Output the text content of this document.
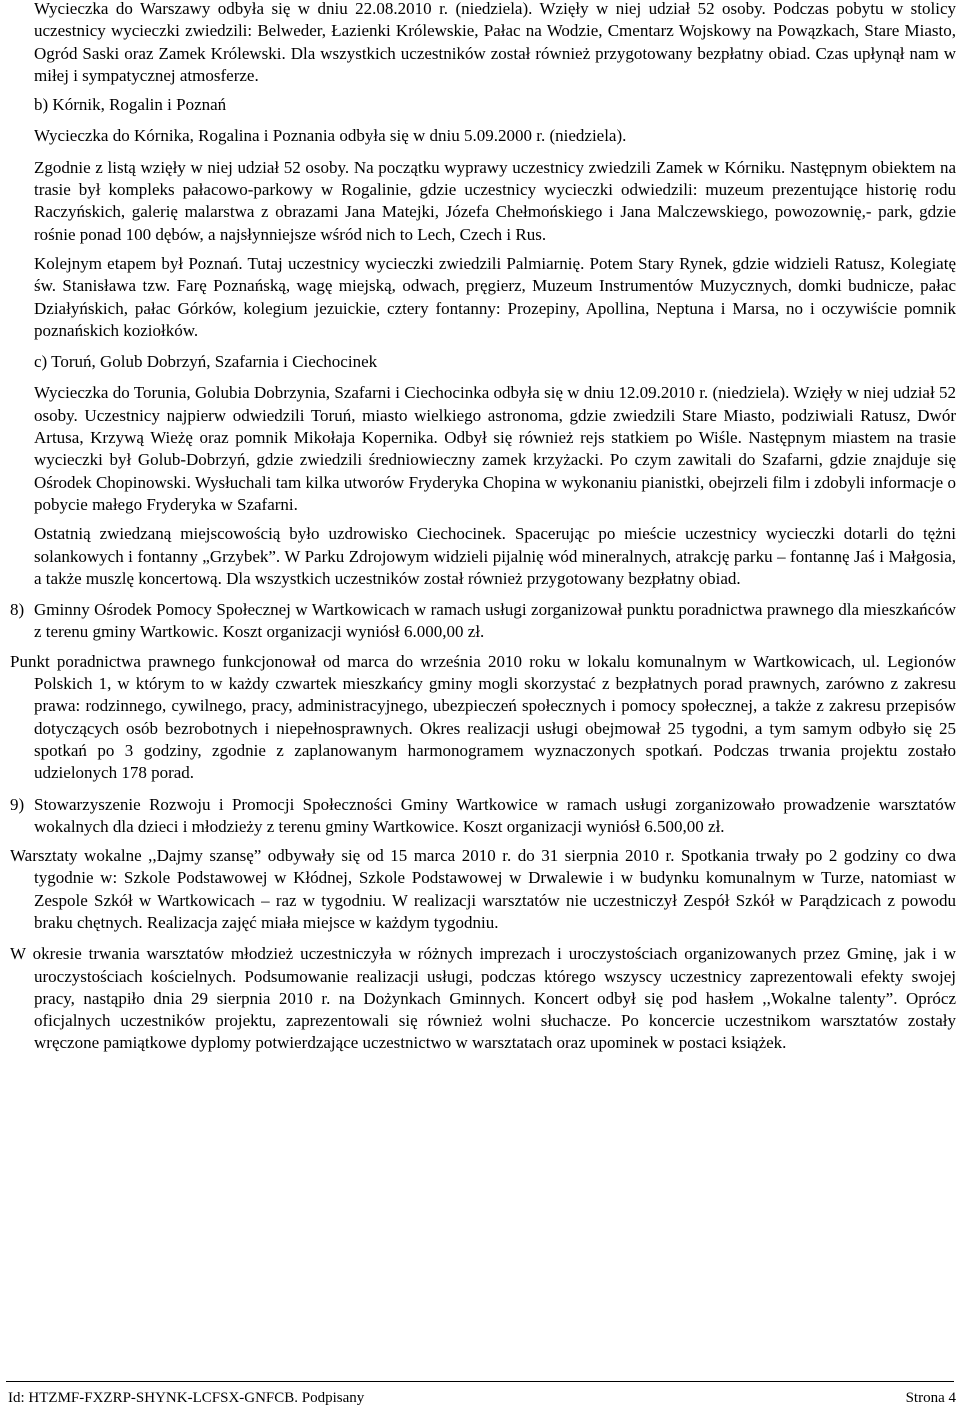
Wycieczka do Warszawy odbyła się w dniu 22.08.2010 r. (niedziela). Wzięły w niej udział 52 osoby. Podczas pobytu w stolicy uczestnicy wycieczki zwiedzili: Belweder, Łazienki Królewskie, Pałac na Wodzie, Cmentarz Wojskowy na Powązkach, Stare Miasto, Ogród Saski oraz Zamek Królewski. Dla wszystkich uczestników został również przygotowany bezpłatny obiad. Czas upłynął nam w miłej i sympatycznej atmosferze.

b) Kórnik, Rogalin i Poznań

Wycieczka do Kórnika, Rogalina i Poznania odbyła się w dniu 5.09.2000 r. (niedziela).

Zgodnie z listą wzięły w niej udział 52 osoby. Na początku wyprawy uczestnicy zwiedzili Zamek w Kórniku. Następnym obiektem na trasie był kompleks pałacowo-parkowy w Rogalinie, gdzie uczestnicy wycieczki odwiedzili: muzeum prezentujące historię rodu Raczyńskich, galerię malarstwa z obrazami Jana Matejki, Józefa Chełmońskiego i Jana Malczewskiego, powozownię,- park, gdzie rośnie ponad 100 dębów, a najsłynniejsze wśród nich to Lech, Czech i Rus.

Kolejnym etapem był Poznań. Tutaj uczestnicy wycieczki zwiedzili Palmiarnię. Potem Stary Rynek, gdzie widzieli Ratusz, Kolegiatę św. Stanisława tzw. Farę Poznańską, wagę miejską, odwach, pręgierz, Muzeum Instrumentów Muzycznych, domki budnicze, pałac Działyńskich, pałac Górków, kolegium jezuickie, cztery fontanny: Prozepiny, Apollina, Neptuna i Marsa, no i oczywiście pomnik poznańskich koziołków.

c) Toruń, Golub Dobrzyń, Szafarnia i Ciechocinek

Wycieczka do Torunia, Golubia Dobrzynia, Szafarni i Ciechocinka odbyła się w dniu 12.09.2010 r. (niedziela). Wzięły w niej udział 52 osoby. Uczestnicy najpierw odwiedzili Toruń, miasto wielkiego astronoma, gdzie zwiedzili Stare Miasto, podziwiali Ratusz, Dwór Artusa, Krzywą Wieżę oraz pomnik Mikołaja Kopernika. Odbył się również rejs statkiem po Wiśle. Następnym miastem na trasie wycieczki był Golub-Dobrzyń, gdzie zwiedzili średniowieczny zamek krzyżacki. Po czym zawitali do Szafarni, gdzie znajduje się Ośrodek Chopinowski. Wysłuchali tam kilka utworów Fryderyka Chopina w wykonaniu pianistki, obejrzeli film i zdobyli informacje o pobycie małego Fryderyka w Szafarni.

Ostatnią zwiedzaną miejscowością było uzdrowisko Ciechocinek. Spacerując po mieście uczestnicy wycieczki dotarli do tężni solankowych i fontanny „Grzybek”. W Parku Zdrojowym widzieli pijalnię wód mineralnych, atrakcję parku – fontannę Jaś i Małgosia, a także muszlę koncertową. Dla wszystkich uczestników został również przygotowany bezpłatny obiad.

8) Gminny Ośrodek Pomocy Społecznej w Wartkowicach w ramach usługi zorganizował punktu poradnictwa prawnego dla mieszkańców z terenu gminy Wartkowic. Koszt organizacji wyniósł 6.000,00 zł.

Punkt poradnictwa prawnego funkcjonował od marca do września 2010 roku w lokalu komunalnym w Wartkowicach, ul. Legionów Polskich 1, w którym to w każdy czwartek mieszkańcy gminy mogli skorzystać z bezpłatnych porad prawnych, zarówno z zakresu prawa: rodzinnego, cywilnego, pracy, administracyjnego, ubezpieczeń społecznych i pomocy społecznej, a także z zakresu przepisów dotyczących osób bezrobotnych i niepełnosprawnych. Okres realizacji usługi obejmował 25 tygodni, a tym samym odbyło się 25 spotkań po 3 godziny, zgodnie z zaplanowanym harmonogramem wyznaczonych spotkań. Podczas trwania projektu zostało udzielonych 178 porad.

9) Stowarzyszenie Rozwoju i Promocji Społeczności Gminy Wartkowice w ramach usługi zorganizowało prowadzenie warsztatów wokalnych dla dzieci i młodzieży z terenu gminy Wartkowice. Koszt organizacji wyniósł 6.500,00 zł.

Warsztaty wokalne ,,Dajmy szansę” odbywały się od 15 marca 2010 r. do 31 sierpnia 2010 r. Spotkania trwały po 2 godziny co dwa tygodnie w: Szkole Podstawowej w Kłódnej, Szkole Podstawowej w Drwalewie i w budynku komunalnym w Turze, natomiast w Zespole Szkół w Wartkowicach – raz w tygodniu. W realizacji warsztatów nie uczestniczył Zespół Szkół w Parądzicach z powodu braku chętnych. Realizacja zajęć miała miejsce w każdym tygodniu.

W okresie trwania warsztatów młodzież uczestniczyła w różnych imprezach i uroczystościach organizowanych przez Gminę, jak i w uroczystościach kościelnych. Podsumowanie realizacji usługi, podczas którego wszyscy uczestnicy zaprezentowali efekty swojej pracy, nastąpiło dnia 29 sierpnia 2010 r. na Dożynkach Gminnych. Koncert odbył się pod hasłem ,,Wokalne talenty”. Oprócz oficjalnych uczestników projektu, zaprezentowali się również wolni słuchacze. Po koncercie uczestnikom warsztatów zostały wręczone pamiątkowe dyplomy potwierdzające uczestnictwo w warsztatach oraz upominek w postaci książek.

Id: HTZMF-FXZRP-SHYNK-LCFSX-GNFCB. Podpisany	Strona 4
